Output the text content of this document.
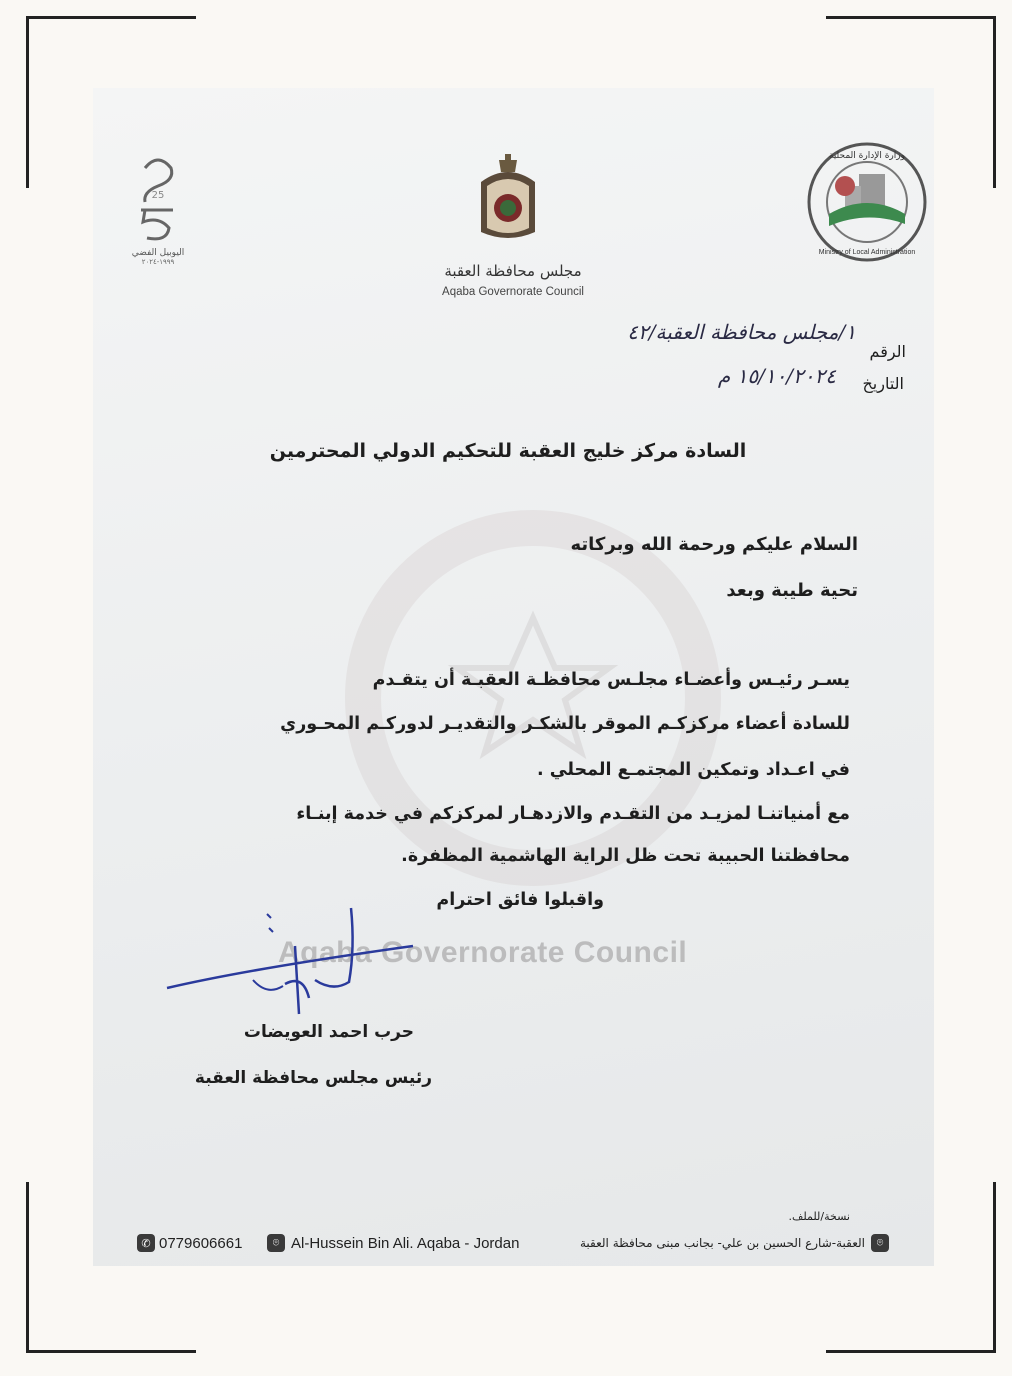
25
اليوبيل الفضي
١٩٩٩-٢٠٢٤	مجلس محافظة العقبة
Aqaba Governorate Council
وزارة الإدارة المحلية
Ministry of Local Administration
الرقم
١/مجلس محافظة العقبة/٤٢
التاريخ
١٥/١٠/٢٠٢٤ م
السادة مركز خليج العقبة للتحكيم الدولي المحترمين
السلام عليكم ورحمة الله وبركاته
تحية طيبة وبعد
يسـر رئيـس وأعضـاء مجلـس محافظـة العقبـة أن يتقـدم
للسادة أعضاء مركزكـم الموقر بالشكـر والتقديـر لدوركـم المحـوري
في اعـداد وتمكين المجتمـع المحلي .
مع أمنياتنـا لمزيـد من التقـدم والازدهـار لمركزكم في خدمة إبنـاء
محافظتنا الحبيبة تحت ظل الراية الهاشمية المظفرة.
واقبلوا فائق احترام
Aqaba Governorate Council
حرب احمد العويضات
رئيس مجلس محافظة العقبة
نسخة/للملف.
✆ 0779606661	⌾ Al-Hussein Bin Ali. Aqaba - Jordan	⌾
العقبة-شارع الحسين بن علي- بجانب مبنى محافظة العقبة
